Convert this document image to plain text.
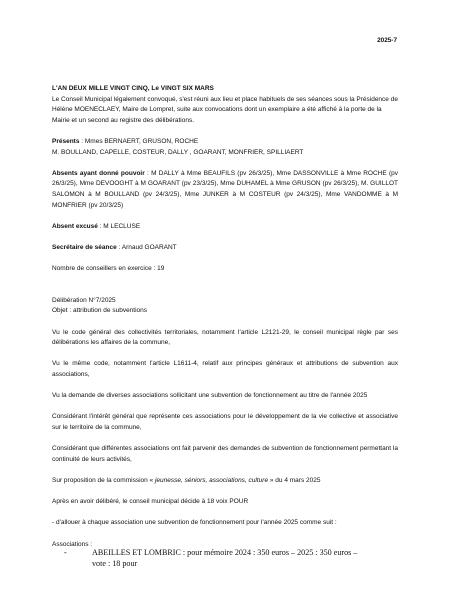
2025-7

L'AN DEUX MILLE VINGT CINQ, Le VINGT SIX MARS

Le Conseil Municipal légalement convoqué, s'est réuni aux lieu et place habituels de ses séances sous la Présidence de Hélène MOENECLAEY, Maire de Lompret, suite aux convocations dont un exemplaire a été affiché à la porte de la Mairie et un second au registre des délibérations.

Présents : Mmes BERNAERT, GRUSON, ROCHE

M. BOULLAND, CAPELLE, COSTEUR, DALLY , GOARANT, MONFRIER, SPILLIAERT

Absents ayant donné pouvoir : M DALLY à Mme BEAUFILS (pv 26/3/25), Mme DASSONVILLE à Mme ROCHE (pv 26/3/25), Mme DEVOOGHT à M GOARANT (pv 23/3/25), Mme DUHAMEL à Mme GRUSON (pv 26/3/25), M. GUILLOT SALOMON à M BOULLAND (pv 24/3/25), Mme JUNKER à M COSTEUR (pv 24/3/25), Mme VANDOMME à M MONFRIER (pv 20/3/25)

Absent excusé : M LECLUSE

Secrétaire de séance : Arnaud GOARANT

Nombre de conseillers en exercice : 19

Délibération N°7/2025

Objet : attribution de subventions

Vu le code général des collectivités territoriales, notamment l'article L2121-29, le conseil municipal règle par ses délibérations les affaires de la commune,

Vu le même code, notamment l'article L1611-4, relatif aux principes généraux et attributions de subvention aux associations,

Vu la demande de diverses associations sollicitant une subvention de fonctionnement au titre de l'année 2025

Considérant l'intérêt général que représente ces associations pour le développement de la vie collective et associative sur le territoire de la commune,

Considérant que différentes associations ont fait parvenir des demandes de subvention de fonctionnement permettant la continuité de leurs activités,

Sur proposition de la commission « jeunesse, séniors, associations, culture » du 4 mars 2025

Après en avoir délibéré, le conseil municipal décide à 18 voix POUR

- d'allouer à chaque association une subvention de fonctionnement pour l'année 2025 comme suit :

Associations :

-	ABEILLES ET LOMBRIC : pour mémoire 2024 : 350 euros – 2025 : 350 euros –
vote : 18 pour
